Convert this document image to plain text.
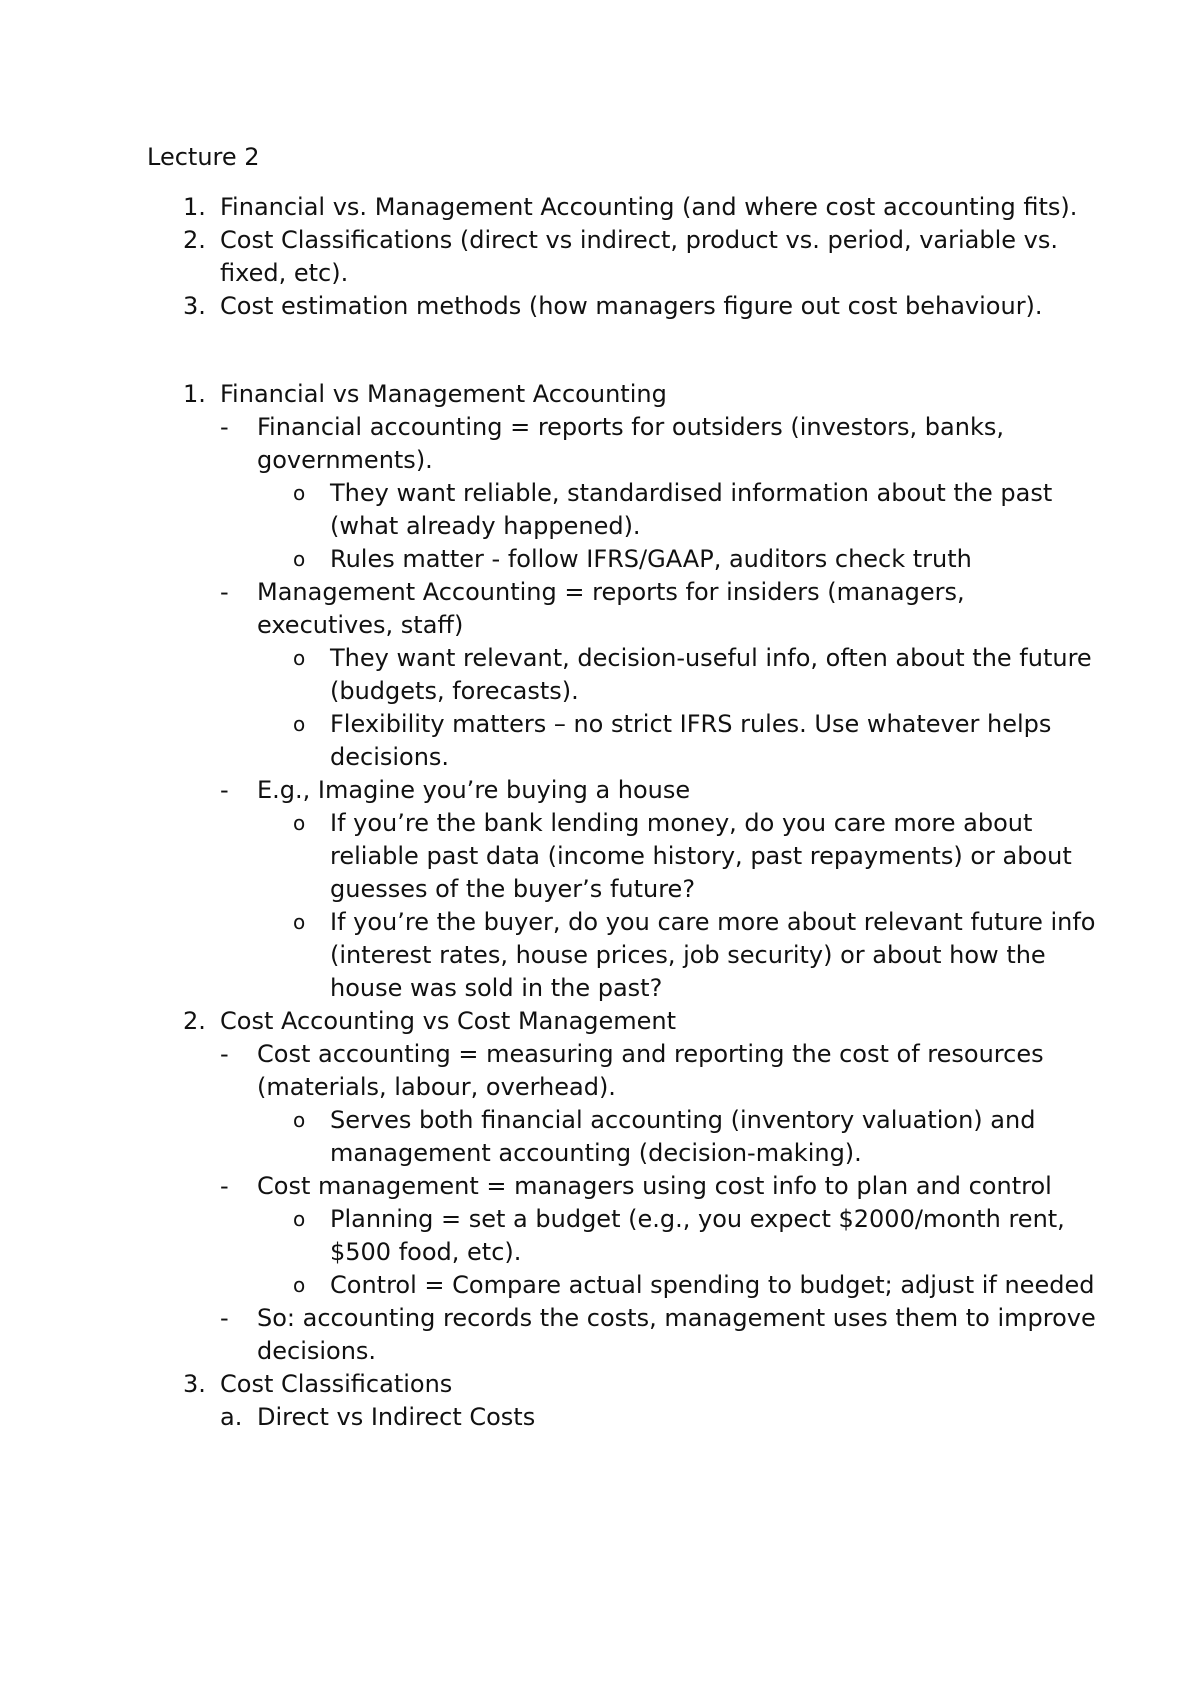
Lecture 2
1. Financial vs. Management Accounting (and where cost accounting fits).
2. Cost Classifications (direct vs indirect, product vs. period, variable vs. fixed, etc).
3. Cost estimation methods (how managers figure out cost behaviour).
1. Financial vs Management Accounting
- Financial accounting = reports for outsiders (investors, banks, governments).
o They want reliable, standardised information about the past (what already happened).
o Rules matter - follow IFRS/GAAP, auditors check truth
- Management Accounting = reports for insiders (managers, executives, staff)
o They want relevant, decision-useful info, often about the future (budgets, forecasts).
o Flexibility matters – no strict IFRS rules. Use whatever helps decisions.
- E.g., Imagine you’re buying a house
o If you’re the bank lending money, do you care more about reliable past data (income history, past repayments) or about guesses of the buyer’s future?
o If you’re the buyer, do you care more about relevant future info (interest rates, house prices, job security) or about how the house was sold in the past?
2. Cost Accounting vs Cost Management
- Cost accounting = measuring and reporting the cost of resources (materials, labour, overhead).
o Serves both financial accounting (inventory valuation) and management accounting (decision-making).
- Cost management = managers using cost info to plan and control
o Planning = set a budget (e.g., you expect $2000/month rent, $500 food, etc).
o Control = Compare actual spending to budget; adjust if needed
- So: accounting records the costs, management uses them to improve decisions.
3. Cost Classifications
a. Direct vs Indirect Costs
